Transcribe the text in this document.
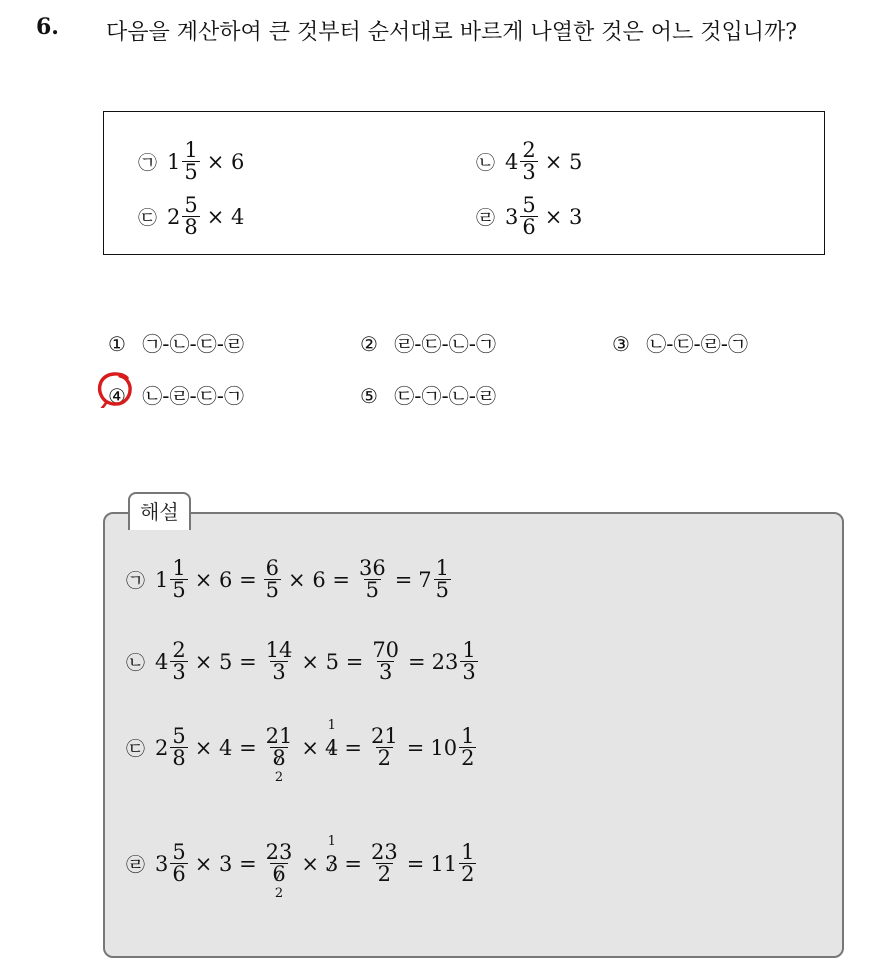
6. 다음을 계산하여 큰 것부터 순서대로 바르게 나열한 것은 어느 것입니까?
㉠ $1 \frac{1}{5} \times 6$	㉡ $4 \frac{2}{3} \times 5$
㉢ $2 \frac{5}{8} \times 4$	㉣ $3 \frac{5}{6} \times 3$
① ㉠-㉡-㉢-㉣	② ㉣-㉢-㉡-㉠	③ ㉡-㉢-㉣-㉠
④ ㉡-㉣-㉢-㉠	⑤ ㉢-㉠-㉡-㉣
해설
㉠ $1 \frac{1}{5} \times 6 = \frac{6}{5} \times 6 = \frac{36}{5} = 7 \frac{1}{5}$
㉡ $4 \frac{2}{3} \times 5 = \frac{14}{3} \times 5 = \frac{70}{3} = 23 \frac{1}{3}$
㉢ $2 \frac{5}{8} \times 4 = \frac{21}{8}$
2
×
1
$4 = \frac{21}{2} = 10 \frac{1}{2}$
㉣ $3 \frac{5}{6} \times 3 = \frac{23}{6}$
2
×
1
$3 = \frac{23}{2} = 11 \frac{1}{2}$
